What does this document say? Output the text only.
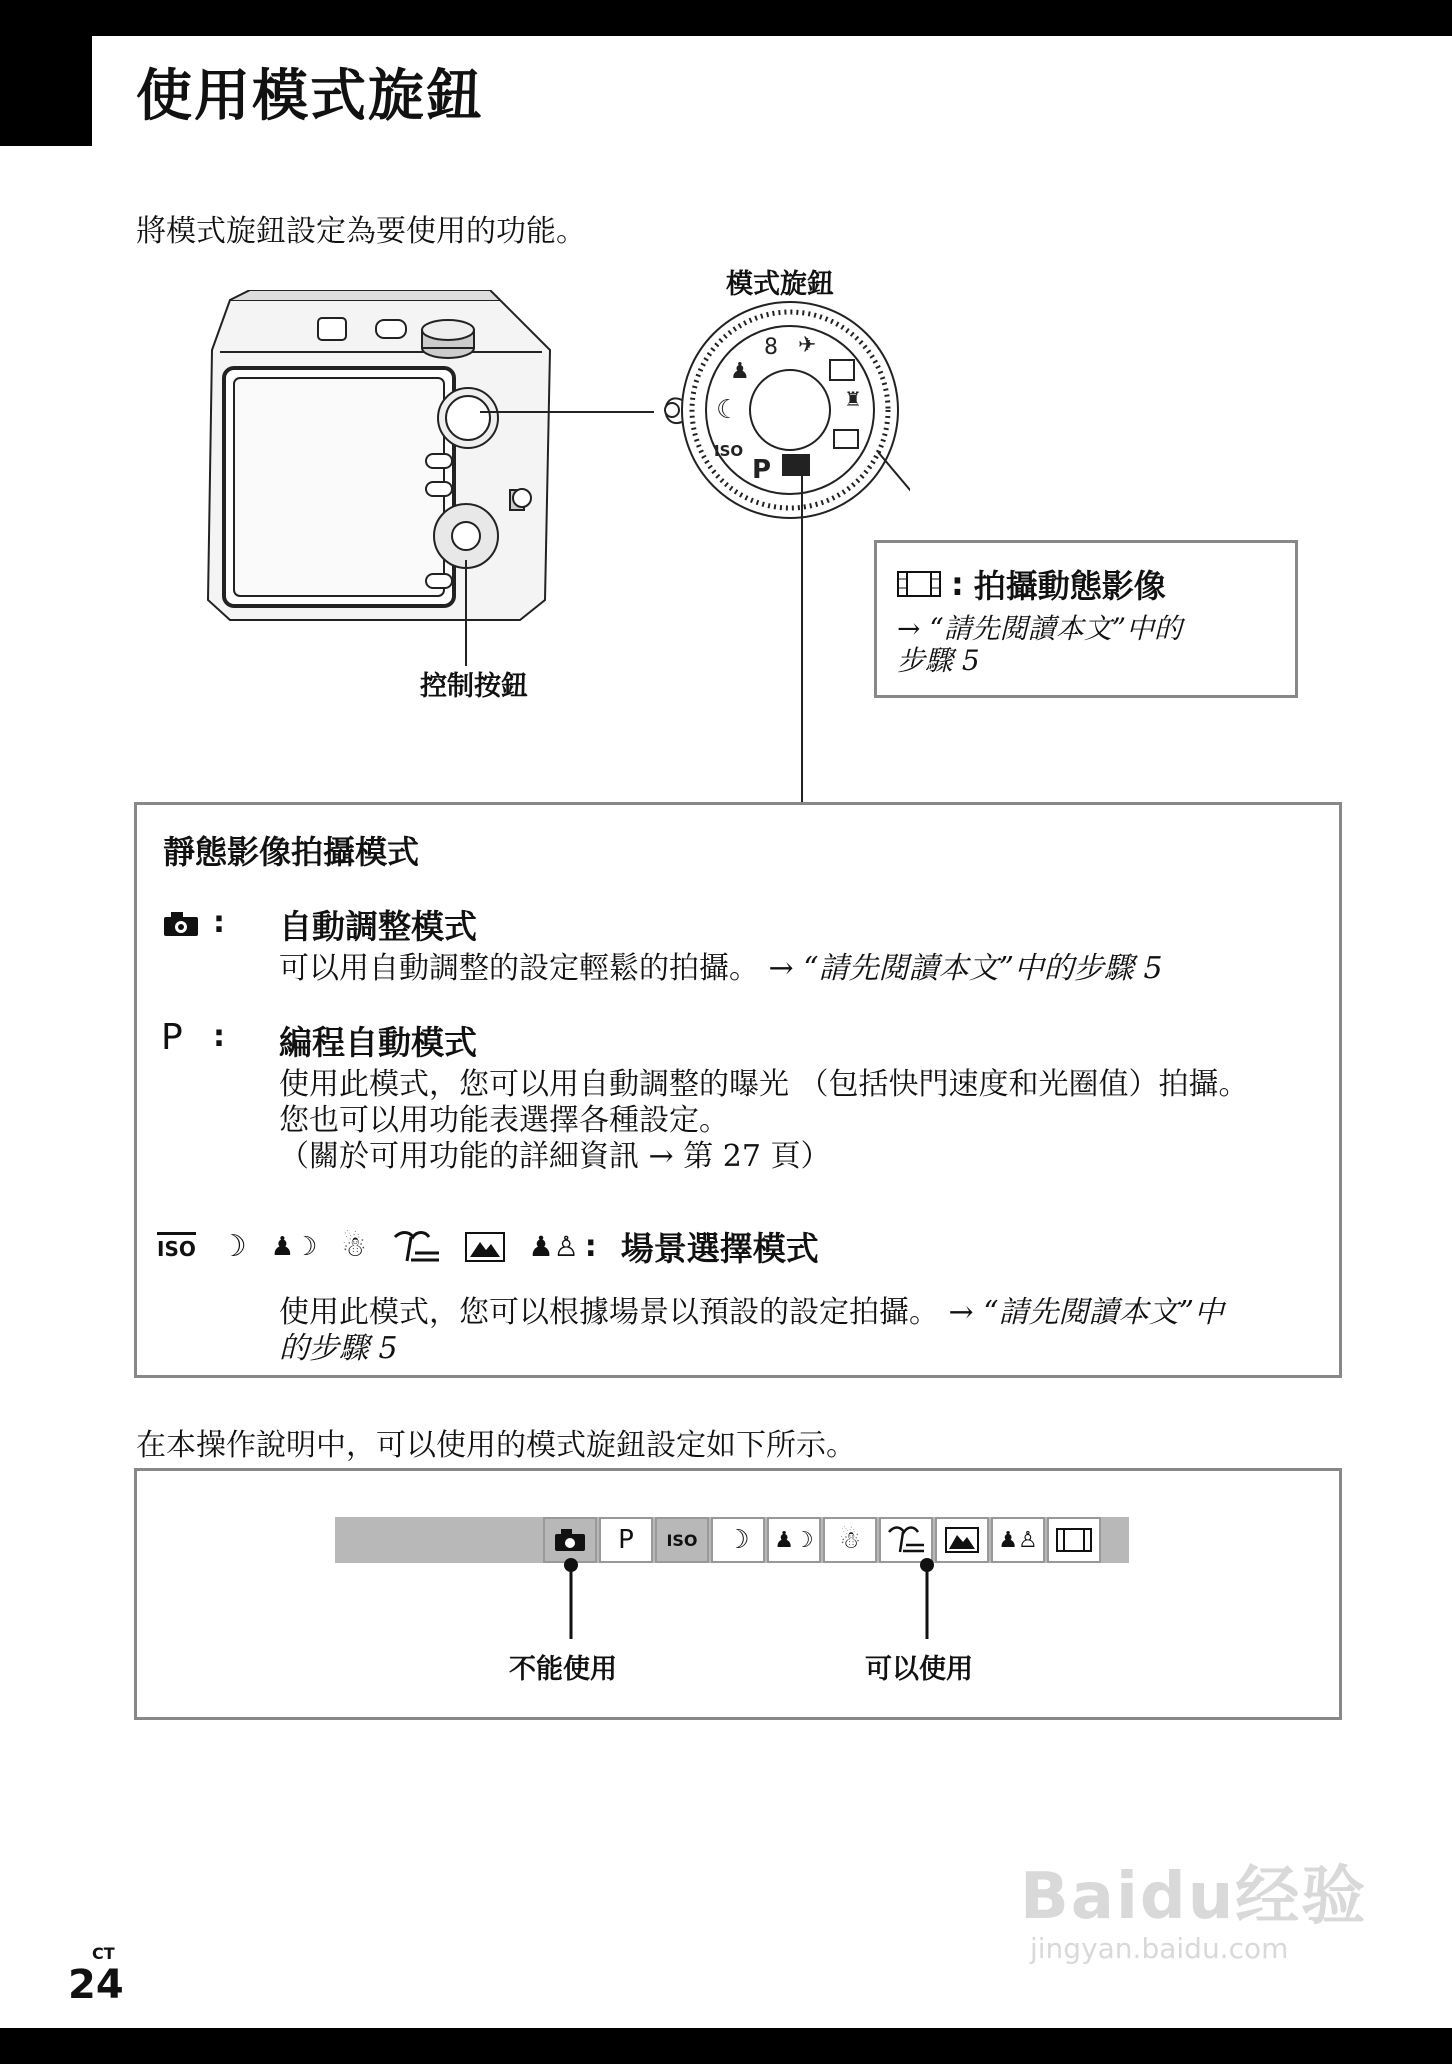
使用模式旋鈕
將模式旋鈕設定為要使用的功能。
模式旋鈕
☾
♟
8 ✈
♜
P
ISO
控制按鈕
: 拍攝動態影像
→ “請先閱讀本文”中的
步驟 5
靜態影像拍攝模式
: 自動調整模式
可以用自動調整的設定輕鬆的拍攝。 → “請先閱讀本文”中的步驟 5
P : 編程自動模式
使用此模式，您可以用自動調整的曝光 （包括快門速度和光圈值）拍攝。
您也可以用功能表選擇各種設定。
（關於可用功能的詳細資訊 → 第 27 頁）
ISO ☽ ♟☽ ☃	♟♙ : 場景選擇模式
使用此模式，您可以根據場景以預設的設定拍攝。 → “請先閱讀本文”中
的步驟 5
在本操作說明中，可以使用的模式旋鈕設定如下所示。
P	ISO	☽	♟☽	☃	♟♙
不能使用	可以使用
CT
24
Baidu经验
jingyan.baidu.com
